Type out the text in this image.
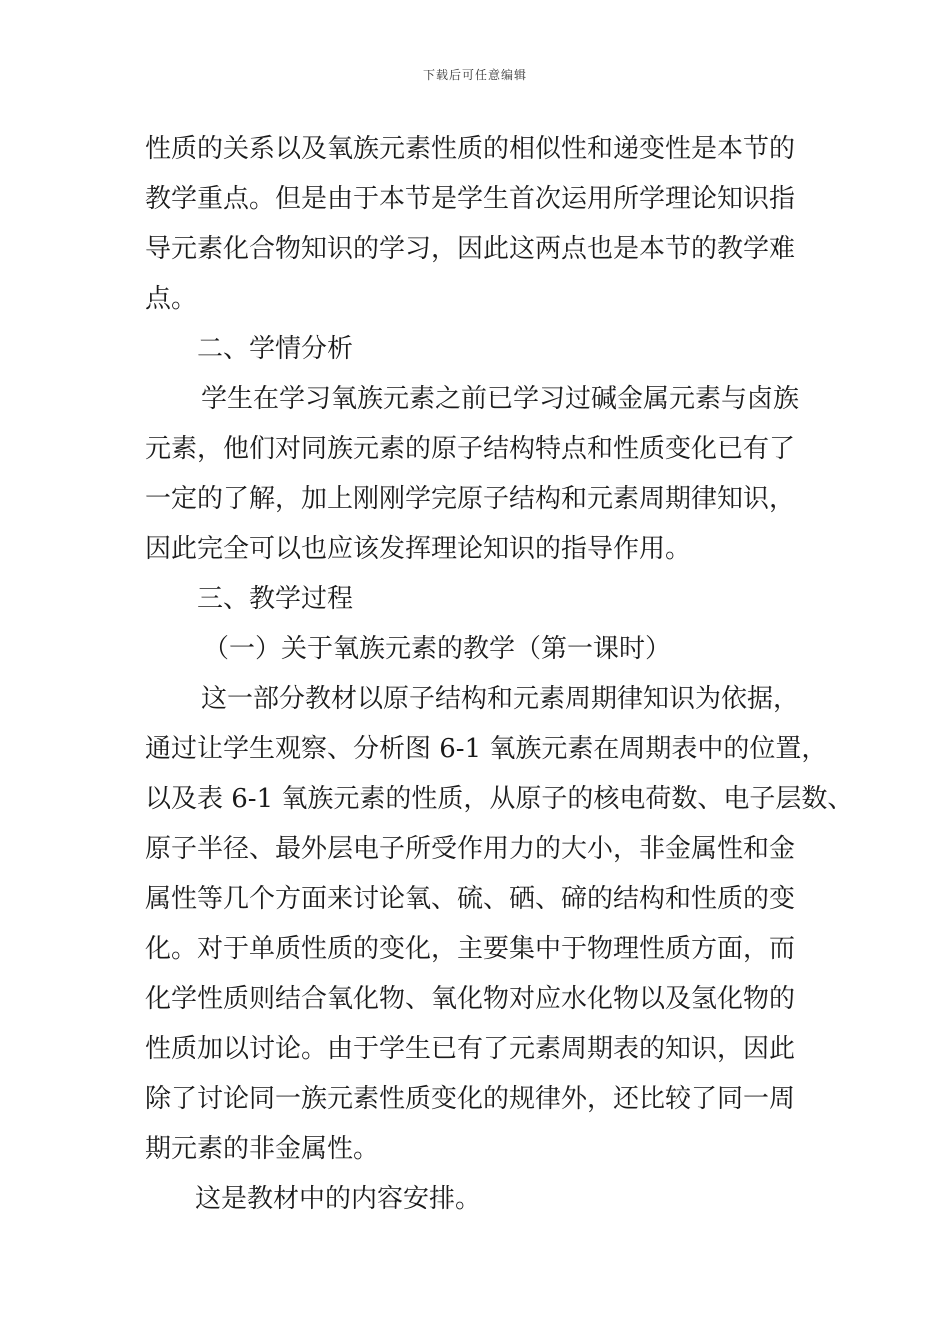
下载后可任意编辑
性质的关系以及氧族元素性质的相似性和递变性是本节的
教学重点。但是由于本节是学生首次运用所学理论知识指
导元素化合物知识的学习，因此这两点也是本节的教学难
点。
二、学情分析
学生在学习氧族元素之前已学习过碱金属元素与卤族
元素，他们对同族元素的原子结构特点和性质变化已有了
一定的了解，加上刚刚学完原子结构和元素周期律知识，
因此完全可以也应该发挥理论知识的指导作用。
三、教学过程
（一）关于氧族元素的教学（第一课时）
这一部分教材以原子结构和元素周期律知识为依据，
通过让学生观察、分析图 6-1 氧族元素在周期表中的位置，
以及表 6-1 氧族元素的性质，从原子的核电荷数、电子层数、
原子半径、最外层电子所受作用力的大小，非金属性和金
属性等几个方面来讨论氧、硫、硒、碲的结构和性质的变
化。对于单质性质的变化，主要集中于物理性质方面，而
化学性质则结合氧化物、氧化物对应水化物以及氢化物的
性质加以讨论。由于学生已有了元素周期表的知识，因此
除了讨论同一族元素性质变化的规律外，还比较了同一周
期元素的非金属性。
这是教材中的内容安排。
